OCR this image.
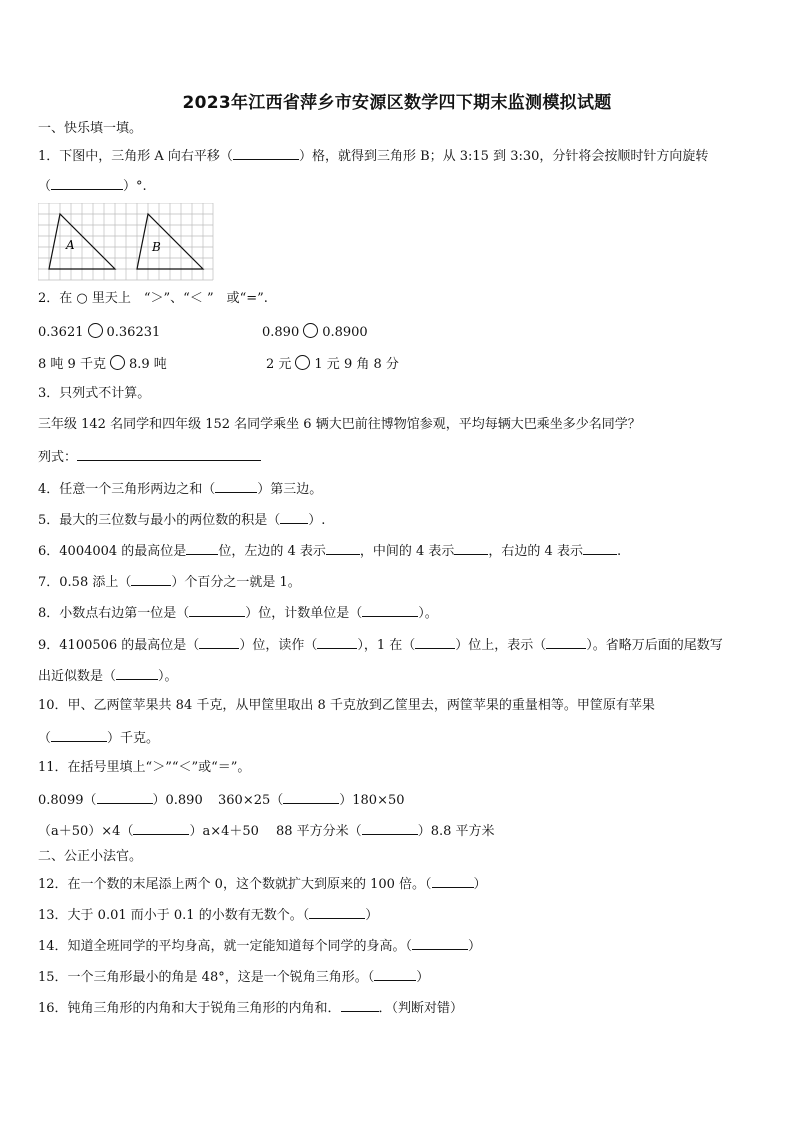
2023年江西省萍乡市安源区数学四下期末监测模拟试题
一、快乐填一填。
1．下图中，三角形 A 向右平移（	）格，就得到三角形 B；从 3:15 到 3:30，分针将会按顺时针方向旋转
（	）°.
A	B
2．在 ○ 里天上　“＞”、“＜ ”　或“=”.
0.3621 0.36231	0.890 0.8900
8 吨 9 千克 8.9 吨	2 元 1 元 9 角 8 分
3．只列式不计算。
三年级 142 名同学和四年级 152 名同学乘坐 6 辆大巴前往博物馆参观，平均每辆大巴乘坐多少名同学？
列式：
4．任意一个三角形两边之和（	）第三边。
5．最大的三位数与最小的两位数的积是（ ）.
6．4004004 的最高位是 位，左边的 4 表示	，中间的 4 表示	，右边的 4 表示	.
7．0.58 添上（	）个百分之一就是 1。
8．小数点右边第一位是（	）位，计数单位是（	）。
9．4100506 的最高位是（	）位，读作（	），1 在（	）位上，表示（	）。省略万后面的尾数写
出近似数是（	）。
10．甲、乙两筐苹果共 84 千克，从甲筐里取出 8 千克放到乙筐里去，两筐苹果的重量相等。甲筐原有苹果
（	）千克。
11．在括号里填上“＞”“＜”或“＝”。
0.8099（	）0.890 360×25（	）180×50
（a＋50）×4（	）a×4＋50 88 平方分米（	）8.8 平方米
二、公正小法官。
12．在一个数的末尾添上两个 0，这个数就扩大到原来的 100 倍。（	）
13．大于 0.01 而小于 0.1 的小数有无数个。（	）
14．知道全班同学的平均身高，就一定能知道每个同学的身高。（	）
15．一个三角形最小的角是 48°，这是一个锐角三角形。（	）
16．钝角三角形的内角和大于锐角三角形的内角和．	．（判断对错）
